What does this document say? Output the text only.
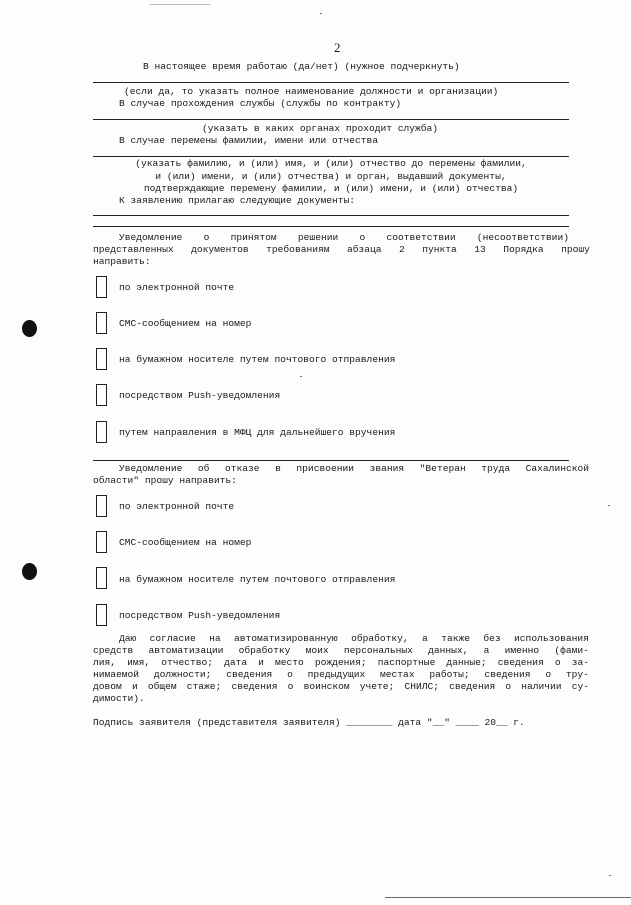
2
В настоящее время работаю (да/нет) (нужное подчеркнуть)
(если да, то указать полное наименование должности и организации)
В случае прохождения службы (службы по контракту)
(указать в каких органах проходит служба)
В случае перемены фамилии, имени или отчества
(указать фамилию, и (или) имя, и (или) отчество до перемены фамилии,
и (или) имени, и (или) отчества) и орган, выдавший документы,
подтверждающие перемену фамилии, и (или) имени, и (или) отчества)
К заявлению прилагаю следующие документы:
Уведомление о принятом решении о соответствии (несоответствии)
представленных документов требованиям абзаца 2 пункта 13 Порядка прошу
направить:
по электронной почте
СМС-сообщением на номер
на бумажном носителе путем почтового отправления
посредством Push-уведомления
путем направления в МФЦ для дальнейшего вручения
Уведомление об отказе в присвоении звания "Ветеран труда Сахалинской
области" прошу направить:
по электронной почте
СМС-сообщением на номер
на бумажном носителе путем почтового отправления
посредством Push-уведомления
Даю согласие на автоматизированную обработку, а также без использования
средств автоматизации обработку моих персональных данных, а именно (фами-
лия, имя, отчество; дата и место рождения; паспортные данные; сведения о за-
нимаемой должности; сведения о предыдущих местах работы; сведения о тру-
довом и общем стаже; сведения о воинском учете; СНИЛС; сведения о наличии су-
димости).
Подпись заявителя (представителя заявителя) ________ дата "__" ____ 20__ г.
